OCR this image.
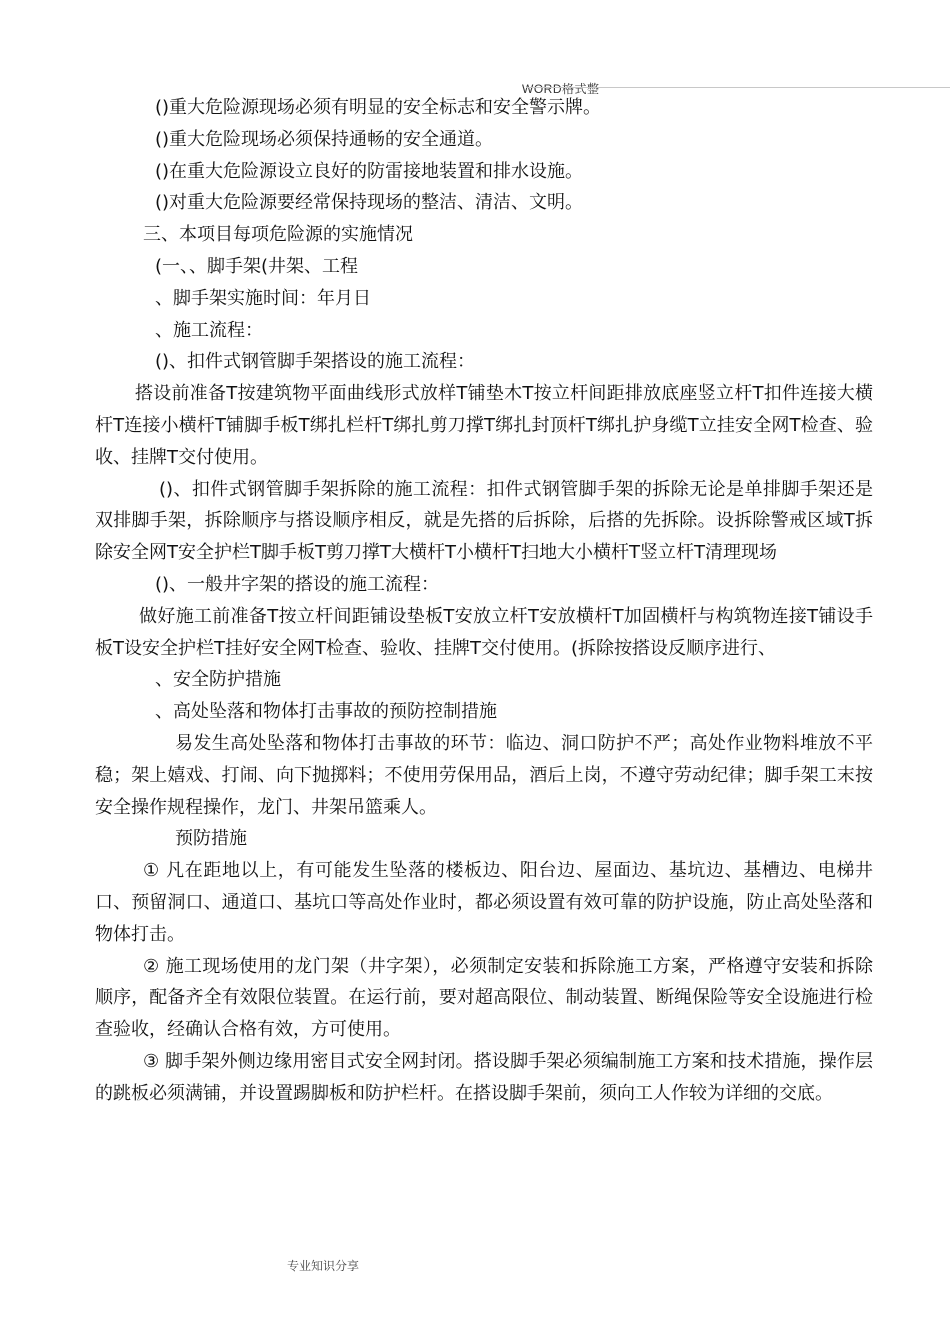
WORD格式整

()重大危险源现场必须有明显的安全标志和安全警示牌。

()重大危险现场必须保持通畅的安全通道。

()在重大危险源设立良好的防雷接地装置和排水设施。

()对重大危险源要经常保持现场的整洁、清洁、文明。

三、本项目每项危险源的实施情况

(一、、脚手架(井架、工程

、脚手架实施时间：年月日

、施工流程：

()、扣件式钢管脚手架搭设的施工流程：

搭设前准备T按建筑物平面曲线形式放样T铺垫木T按立杆间距排放底座竖立杆T扣件连接大横杆T连接小横杆T铺脚手板T绑扎栏杆T绑扎剪刀撑T绑扎封顶杆T绑扎护身缆T立挂安全网T检查、验收、挂牌T交付使用。

()、扣件式钢管脚手架拆除的施工流程：扣件式钢管脚手架的拆除无论是单排脚手架还是双排脚手架，拆除顺序与搭设顺序相反，就是先搭的后拆除，后搭的先拆除。设拆除警戒区域T拆除安全网T安全护栏T脚手板T剪刀撑T大横杆T小横杆T扫地大小横杆T竖立杆T清理现场

()、一般井字架的搭设的施工流程：

做好施工前准备T按立杆间距铺设垫板T安放立杆T安放横杆T加固横杆与构筑物连接T铺设手板T设安全护栏T挂好安全网T检查、验收、挂牌T交付使用。(拆除按搭设反顺序进行、

、安全防护措施

、高处坠落和物体打击事故的预防控制措施

易发生高处坠落和物体打击事故的环节：临边、洞口防护不严；高处作业物料堆放不平稳；架上嬉戏、打闹、向下抛掷料；不使用劳保用品，酒后上岗，不遵守劳动纪律；脚手架工末按安全操作规程操作，龙门、井架吊篮乘人。

预防措施

① 凡在距地以上，有可能发生坠落的楼板边、阳台边、屋面边、基坑边、基槽边、电梯井口、预留洞口、通道口、基坑口等高处作业时，都必须设置有效可靠的防护设施，防止高处坠落和物体打击。

② 施工现场使用的龙门架（井字架），必须制定安装和拆除施工方案，严格遵守安装和拆除顺序，配备齐全有效限位装置。在运行前，要对超高限位、制动装置、断绳保险等安全设施进行检查验收，经确认合格有效，方可使用。

③ 脚手架外侧边缘用密目式安全网封闭。搭设脚手架必须编制施工方案和技术措施，操作层的跳板必须满铺，并设置踢脚板和防护栏杆。在搭设脚手架前，须向工人作较为详细的交底。

专业知识分享
